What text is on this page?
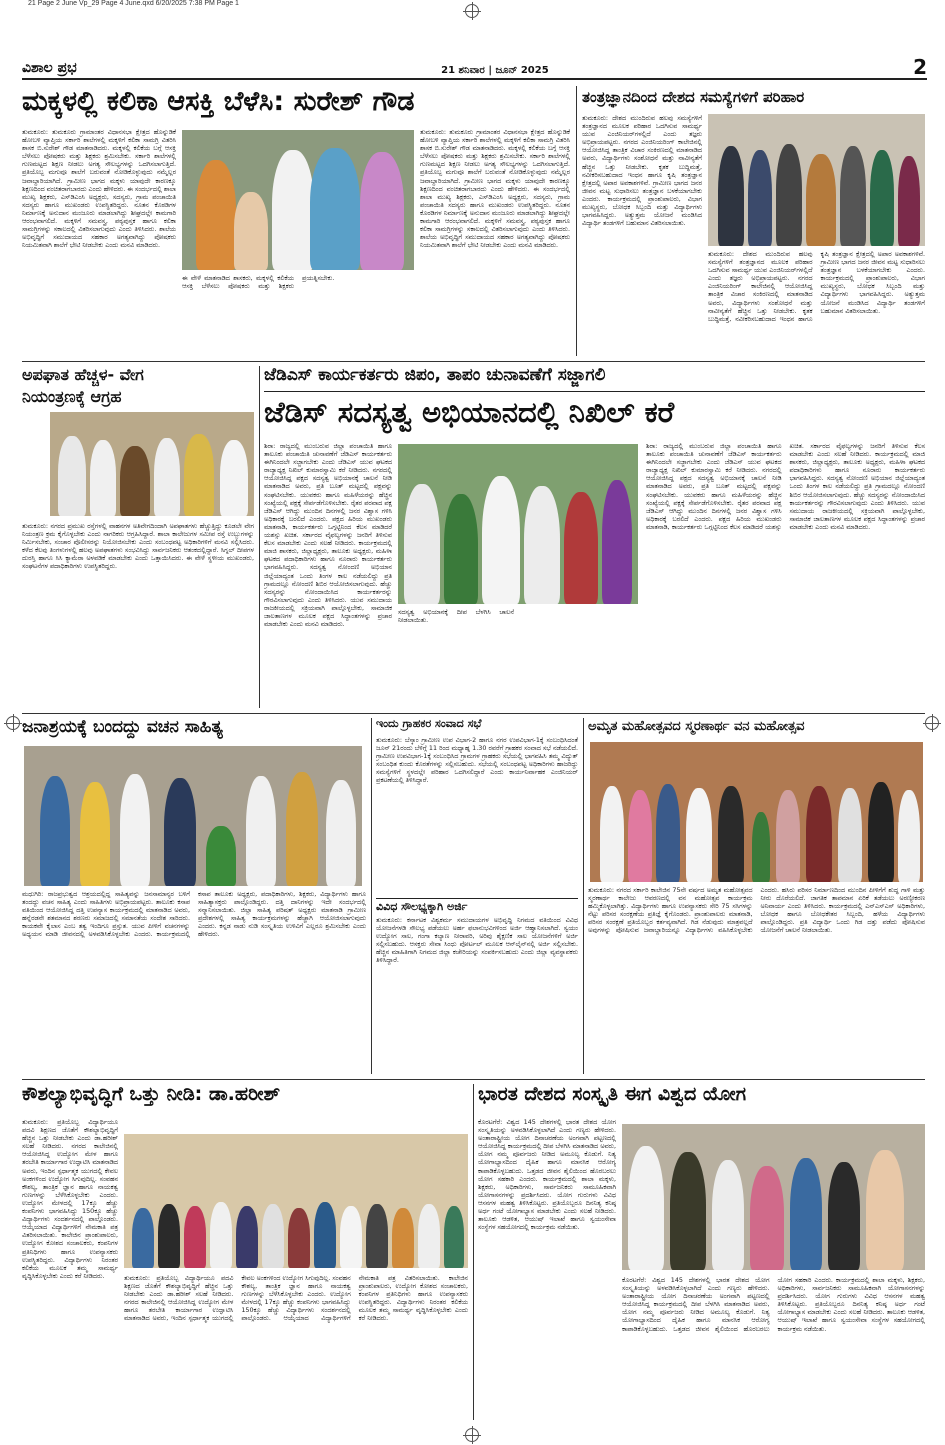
21 Page 2 June Vp_29 Page 4 June.qxd 6/20/2025 7:38 PM Page 1
ವಿಶಾಲ ಪ್ರಭ	21 ಶನಿವಾರ | ಜೂನ್ 2025	2
ಮಕ್ಕಳಲ್ಲಿ ಕಲಿಕಾ ಆಸಕ್ತಿ ಬೆಳೆಸಿ: ಸುರೇಶ್ ಗೌಡ
ತುಮಕೂರು: ತುಮಕೂರು ಗ್ರಾಮಾಂತರ ವಿಧಾನಸಭಾ ಕ್ಷೇತ್ರದ ಹೊನ್ನುಡಿಕೆ ಹೋಬಳಿ ವ್ಯಾಪ್ತಿಯ ಸರ್ಕಾರಿ ಶಾಲೆಗಳಲ್ಲಿ ಮಕ್ಕಳಿಗೆ ಕಲಿಕಾ ಸಾಮಗ್ರಿ ವಿತರಿಸಿ ಶಾಸಕ ಬಿ.ಸುರೇಶ್ ಗೌಡ ಮಾತನಾಡಿದರು. ಮಕ್ಕಳಲ್ಲಿ ಕಲಿಕೆಯ ಬಗ್ಗೆ ಆಸಕ್ತಿ ಬೆಳೆಸಲು ಪೋಷಕರು ಮತ್ತು ಶಿಕ್ಷಕರು ಶ್ರಮಿಸಬೇಕು. ಸರ್ಕಾರಿ ಶಾಲೆಗಳಲ್ಲಿ ಗುಣಮಟ್ಟದ ಶಿಕ್ಷಣ ನೀಡಲು ಅಗತ್ಯ ಸೌಲಭ್ಯಗಳನ್ನು ಒದಗಿಸಲಾಗುತ್ತಿದೆ. ಪ್ರತಿಯೊಬ್ಬ ಮಗುವೂ ಶಾಲೆಗೆ ಬರುವಂತೆ ನೋಡಿಕೊಳ್ಳುವುದು ನಮ್ಮೆಲ್ಲರ ಜವಾಬ್ದಾರಿಯಾಗಿದೆ. ಗ್ರಾಮೀಣ ಭಾಗದ ಮಕ್ಕಳು ಯಾವುದೇ ಕಾರಣಕ್ಕೂ ಶಿಕ್ಷಣದಿಂದ ವಂಚಿತರಾಗಬಾರದು ಎಂದು ಹೇಳಿದರು. ಈ ಸಂದರ್ಭದಲ್ಲಿ ಶಾಲಾ ಮುಖ್ಯ ಶಿಕ್ಷಕರು, ಎಸ್‌ಡಿಎಂಸಿ ಅಧ್ಯಕ್ಷರು, ಸದಸ್ಯರು, ಗ್ರಾಮ ಪಂಚಾಯಿತಿ ಸದಸ್ಯರು ಹಾಗೂ ಮುಖಂಡರು ಉಪಸ್ಥಿತರಿದ್ದರು. ನೂತನ ಕೊಠಡಿಗಳ ನಿರ್ಮಾಣಕ್ಕೆ ಅನುದಾನ ಮಂಜೂರು ಮಾಡಲಾಗಿದ್ದು ಶೀಘ್ರದಲ್ಲೇ ಕಾಮಗಾರಿ ಆರಂಭವಾಗಲಿದೆ. ಮಕ್ಕಳಿಗೆ ಸಮವಸ್ತ್ರ, ಪಠ್ಯಪುಸ್ತಕ ಹಾಗೂ ಕಲಿಕಾ ಸಾಮಗ್ರಿಗಳನ್ನು ಸಕಾಲದಲ್ಲಿ ವಿತರಿಸಲಾಗುವುದು ಎಂದು ತಿಳಿಸಿದರು. ಶಾಲೆಯ ಅಭಿವೃದ್ಧಿಗೆ ಸಮುದಾಯದ ಸಹಕಾರ ಅಗತ್ಯವಾಗಿದ್ದು ಪೋಷಕರು ನಿಯಮಿತವಾಗಿ ಶಾಲೆಗೆ ಭೇಟಿ ನೀಡಬೇಕು ಎಂದು ಮನವಿ ಮಾಡಿದರು.
ಈ ವೇಳೆ ಮಾತನಾಡಿದ ಶಾಸಕರು, ಮಕ್ಕಳಲ್ಲಿ ಕಲಿಕೆಯ ಆಸಕ್ತಿ ಬೆಳೆಸಲು ಪೋಷಕರು ಮತ್ತು ಶಿಕ್ಷಕರು ಪ್ರಯತ್ನಿಸಬೇಕು.
ತುಮಕೂರು: ತುಮಕೂರು ಗ್ರಾಮಾಂತರ ವಿಧಾನಸಭಾ ಕ್ಷೇತ್ರದ ಹೊನ್ನುಡಿಕೆ ಹೋಬಳಿ ವ್ಯಾಪ್ತಿಯ ಸರ್ಕಾರಿ ಶಾಲೆಗಳಲ್ಲಿ ಮಕ್ಕಳಿಗೆ ಕಲಿಕಾ ಸಾಮಗ್ರಿ ವಿತರಿಸಿ ಶಾಸಕ ಬಿ.ಸುರೇಶ್ ಗೌಡ ಮಾತನಾಡಿದರು. ಮಕ್ಕಳಲ್ಲಿ ಕಲಿಕೆಯ ಬಗ್ಗೆ ಆಸಕ್ತಿ ಬೆಳೆಸಲು ಪೋಷಕರು ಮತ್ತು ಶಿಕ್ಷಕರು ಶ್ರಮಿಸಬೇಕು. ಸರ್ಕಾರಿ ಶಾಲೆಗಳಲ್ಲಿ ಗುಣಮಟ್ಟದ ಶಿಕ್ಷಣ ನೀಡಲು ಅಗತ್ಯ ಸೌಲಭ್ಯಗಳನ್ನು ಒದಗಿಸಲಾಗುತ್ತಿದೆ. ಪ್ರತಿಯೊಬ್ಬ ಮಗುವೂ ಶಾಲೆಗೆ ಬರುವಂತೆ ನೋಡಿಕೊಳ್ಳುವುದು ನಮ್ಮೆಲ್ಲರ ಜವಾಬ್ದಾರಿಯಾಗಿದೆ. ಗ್ರಾಮೀಣ ಭಾಗದ ಮಕ್ಕಳು ಯಾವುದೇ ಕಾರಣಕ್ಕೂ ಶಿಕ್ಷಣದಿಂದ ವಂಚಿತರಾಗಬಾರದು ಎಂದು ಹೇಳಿದರು. ಈ ಸಂದರ್ಭದಲ್ಲಿ ಶಾಲಾ ಮುಖ್ಯ ಶಿಕ್ಷಕರು, ಎಸ್‌ಡಿಎಂಸಿ ಅಧ್ಯಕ್ಷರು, ಸದಸ್ಯರು, ಗ್ರಾಮ ಪಂಚಾಯಿತಿ ಸದಸ್ಯರು ಹಾಗೂ ಮುಖಂಡರು ಉಪಸ್ಥಿತರಿದ್ದರು. ನೂತನ ಕೊಠಡಿಗಳ ನಿರ್ಮಾಣಕ್ಕೆ ಅನುದಾನ ಮಂಜೂರು ಮಾಡಲಾಗಿದ್ದು ಶೀಘ್ರದಲ್ಲೇ ಕಾಮಗಾರಿ ಆರಂಭವಾಗಲಿದೆ. ಮಕ್ಕಳಿಗೆ ಸಮವಸ್ತ್ರ, ಪಠ್ಯಪುಸ್ತಕ ಹಾಗೂ ಕಲಿಕಾ ಸಾಮಗ್ರಿಗಳನ್ನು ಸಕಾಲದಲ್ಲಿ ವಿತರಿಸಲಾಗುವುದು ಎಂದು ತಿಳಿಸಿದರು. ಶಾಲೆಯ ಅಭಿವೃದ್ಧಿಗೆ ಸಮುದಾಯದ ಸಹಕಾರ ಅಗತ್ಯವಾಗಿದ್ದು ಪೋಷಕರು ನಿಯಮಿತವಾಗಿ ಶಾಲೆಗೆ ಭೇಟಿ ನೀಡಬೇಕು ಎಂದು ಮನವಿ ಮಾಡಿದರು.
ತಂತ್ರಜ್ಞಾನದಿಂದ ದೇಶದ ಸಮಸ್ಯೆಗಳಿಗೆ ಪರಿಹಾರ
ತುಮಕೂರು: ದೇಶದ ಮುಂದಿರುವ ಹಲವು ಸಮಸ್ಯೆಗಳಿಗೆ ತಂತ್ರಜ್ಞಾನದ ಮೂಲಕ ಪರಿಹಾರ ಒದಗಿಸುವ ಸಾಮರ್ಥ್ಯ ಯುವ ಎಂಜಿನಿಯರ್‌ಗಳಲ್ಲಿದೆ ಎಂದು ತಜ್ಞರು ಅಭಿಪ್ರಾಯಪಟ್ಟರು. ನಗರದ ಎಂಜಿನಿಯರಿಂಗ್ ಕಾಲೇಜಿನಲ್ಲಿ ಆಯೋಜಿಸಿದ್ದ ತಾಂತ್ರಿಕ ವಿಚಾರ ಸಂಕಿರಣದಲ್ಲಿ ಮಾತನಾಡಿದ ಅವರು, ವಿದ್ಯಾರ್ಥಿಗಳು ಸಂಶೋಧನೆ ಮತ್ತು ನಾವೀನ್ಯತೆಗೆ ಹೆಚ್ಚಿನ ಒತ್ತು ನೀಡಬೇಕು. ಕೃತಕ ಬುದ್ಧಿಮತ್ತೆ, ನವೀಕರಿಸಬಹುದಾದ ಇಂಧನ ಹಾಗೂ ಕೃಷಿ ತಂತ್ರಜ್ಞಾನ ಕ್ಷೇತ್ರದಲ್ಲಿ ಅಪಾರ ಅವಕಾಶಗಳಿವೆ. ಗ್ರಾಮೀಣ ಭಾಗದ ಜನರ ಜೀವನ ಮಟ್ಟ ಸುಧಾರಿಸಲು ತಂತ್ರಜ್ಞಾನ ಬಳಕೆಯಾಗಬೇಕು ಎಂದರು. ಕಾರ್ಯಕ್ರಮದಲ್ಲಿ ಪ್ರಾಂಶುಪಾಲರು, ವಿಭಾಗ ಮುಖ್ಯಸ್ಥರು, ಬೋಧಕ ಸಿಬ್ಬಂದಿ ಮತ್ತು ವಿದ್ಯಾರ್ಥಿಗಳು ಭಾಗವಹಿಸಿದ್ದರು. ಅತ್ಯುತ್ತಮ ಯೋಜನೆ ಮಂಡಿಸಿದ ವಿದ್ಯಾರ್ಥಿ ತಂಡಗಳಿಗೆ ಬಹುಮಾನ ವಿತರಿಸಲಾಯಿತು.
ತುಮಕೂರು: ದೇಶದ ಮುಂದಿರುವ ಹಲವು ಸಮಸ್ಯೆಗಳಿಗೆ ತಂತ್ರಜ್ಞಾನದ ಮೂಲಕ ಪರಿಹಾರ ಒದಗಿಸುವ ಸಾಮರ್ಥ್ಯ ಯುವ ಎಂಜಿನಿಯರ್‌ಗಳಲ್ಲಿದೆ ಎಂದು ತಜ್ಞರು ಅಭಿಪ್ರಾಯಪಟ್ಟರು. ನಗರದ ಎಂಜಿನಿಯರಿಂಗ್ ಕಾಲೇಜಿನಲ್ಲಿ ಆಯೋಜಿಸಿದ್ದ ತಾಂತ್ರಿಕ ವಿಚಾರ ಸಂಕಿರಣದಲ್ಲಿ ಮಾತನಾಡಿದ ಅವರು, ವಿದ್ಯಾರ್ಥಿಗಳು ಸಂಶೋಧನೆ ಮತ್ತು ನಾವೀನ್ಯತೆಗೆ ಹೆಚ್ಚಿನ ಒತ್ತು ನೀಡಬೇಕು. ಕೃತಕ ಬುದ್ಧಿಮತ್ತೆ, ನವೀಕರಿಸಬಹುದಾದ ಇಂಧನ ಹಾಗೂ ಕೃಷಿ ತಂತ್ರಜ್ಞಾನ ಕ್ಷೇತ್ರದಲ್ಲಿ ಅಪಾರ ಅವಕಾಶಗಳಿವೆ. ಗ್ರಾಮೀಣ ಭಾಗದ ಜನರ ಜೀವನ ಮಟ್ಟ ಸುಧಾರಿಸಲು ತಂತ್ರಜ್ಞಾನ ಬಳಕೆಯಾಗಬೇಕು ಎಂದರು. ಕಾರ್ಯಕ್ರಮದಲ್ಲಿ ಪ್ರಾಂಶುಪಾಲರು, ವಿಭಾಗ ಮುಖ್ಯಸ್ಥರು, ಬೋಧಕ ಸಿಬ್ಬಂದಿ ಮತ್ತು ವಿದ್ಯಾರ್ಥಿಗಳು ಭಾಗವಹಿಸಿದ್ದರು. ಅತ್ಯುತ್ತಮ ಯೋಜನೆ ಮಂಡಿಸಿದ ವಿದ್ಯಾರ್ಥಿ ತಂಡಗಳಿಗೆ ಬಹುಮಾನ ವಿತರಿಸಲಾಯಿತು.
ಅಪಘಾತ ಹೆಚ್ಚಳ- ವೇಗ
ನಿಯಂತ್ರಣಕ್ಕೆ ಆಗ್ರಹ
ತುಮಕೂರು: ನಗರದ ಪ್ರಮುಖ ರಸ್ತೆಗಳಲ್ಲಿ ವಾಹನಗಳ ಅತಿವೇಗದಿಂದಾಗಿ ಅಪಘಾತಗಳು ಹೆಚ್ಚುತ್ತಿದ್ದು ಕೂಡಲೇ ವೇಗ ನಿಯಂತ್ರಣ ಕ್ರಮ ಕೈಗೊಳ್ಳಬೇಕು ಎಂದು ನಾಗರಿಕರು ಆಗ್ರಹಿಸಿದ್ದಾರೆ. ಶಾಲಾ ಕಾಲೇಜುಗಳ ಸಮೀಪ ರಸ್ತೆ ಉಬ್ಬುಗಳನ್ನು ನಿರ್ಮಿಸಬೇಕು, ಸಂಚಾರ ಪೊಲೀಸರನ್ನು ನಿಯೋಜಿಸಬೇಕು ಎಂದು ಸಂಬಂಧಪಟ್ಟ ಅಧಿಕಾರಿಗಳಿಗೆ ಮನವಿ ಸಲ್ಲಿಸಿದರು. ಕಳೆದ ಕೆಲವು ತಿಂಗಳುಗಳಲ್ಲಿ ಹಲವು ಅಪಘಾತಗಳು ಸಂಭವಿಸಿದ್ದು ಸಾರ್ವಜನಿಕರು ಆತಂಕದಲ್ಲಿದ್ದಾರೆ. ಸಿಗ್ನಲ್ ದೀಪಗಳ ದುರಸ್ತಿ ಹಾಗೂ ಸಿಸಿ ಕ್ಯಾಮೆರಾ ಅಳವಡಿಕೆ ಮಾಡಬೇಕು ಎಂದು ಒತ್ತಾಯಿಸಿದರು. ಈ ವೇಳೆ ಸ್ಥಳೀಯ ಮುಖಂಡರು, ಸಂಘಟನೆಗಳ ಪದಾಧಿಕಾರಿಗಳು ಉಪಸ್ಥಿತರಿದ್ದರು.
ಜೆಡಿಎಸ್ ಕಾರ್ಯಕರ್ತರು ಜಿಪಂ, ತಾಪಂ ಚುನಾವಣೆಗೆ ಸಜ್ಜಾಗಲಿ
ಜೆಡಿಸ್ ಸದಸ್ಯತ್ವ ಅಭಿಯಾನದಲ್ಲಿ ನಿಖಿಲ್ ಕರೆ
ಶಿರಾ: ರಾಜ್ಯದಲ್ಲಿ ಮುಂಬರುವ ಜಿಲ್ಲಾ ಪಂಚಾಯಿತಿ ಹಾಗೂ ತಾಲೂಕು ಪಂಚಾಯಿತಿ ಚುನಾವಣೆಗೆ ಜೆಡಿಎಸ್ ಕಾರ್ಯಕರ್ತರು ಈಗಿನಿಂದಲೇ ಸಜ್ಜಾಗಬೇಕು ಎಂದು ಜೆಡಿಎಸ್ ಯುವ ಘಟಕದ ರಾಜ್ಯಾಧ್ಯಕ್ಷ ನಿಖಿಲ್ ಕುಮಾರಸ್ವಾಮಿ ಕರೆ ನೀಡಿದರು. ನಗರದಲ್ಲಿ ಆಯೋಜಿಸಿದ್ದ ಪಕ್ಷದ ಸದಸ್ಯತ್ವ ಅಭಿಯಾನಕ್ಕೆ ಚಾಲನೆ ನೀಡಿ ಮಾತನಾಡಿದ ಅವರು, ಪ್ರತಿ ಬೂತ್ ಮಟ್ಟದಲ್ಲಿ ಪಕ್ಷವನ್ನು ಸಂಘಟಿಸಬೇಕು. ಯುವಕರು ಹಾಗೂ ಮಹಿಳೆಯರನ್ನು ಹೆಚ್ಚಿನ ಸಂಖ್ಯೆಯಲ್ಲಿ ಪಕ್ಷಕ್ಕೆ ಸೇರ್ಪಡೆಗೊಳಿಸಬೇಕು. ರೈತರ ಪರವಾದ ಪಕ್ಷ ಜೆಡಿಎಸ್ ಆಗಿದ್ದು ಮುಂದಿನ ದಿನಗಳಲ್ಲಿ ಜನರ ವಿಶ್ವಾಸ ಗಳಿಸಿ ಅಧಿಕಾರಕ್ಕೆ ಬರಲಿದೆ ಎಂದರು. ಪಕ್ಷದ ಹಿರಿಯ ಮುಖಂಡರು ಮಾತನಾಡಿ, ಕಾರ್ಯಕರ್ತರು ಒಗ್ಗಟ್ಟಿನಿಂದ ಕೆಲಸ ಮಾಡಿದರೆ ಯಶಸ್ಸು ಖಚಿತ. ಸರ್ಕಾರದ ವೈಫಲ್ಯಗಳನ್ನು ಜನರಿಗೆ ತಿಳಿಸುವ ಕೆಲಸ ಮಾಡಬೇಕು ಎಂದು ಸಲಹೆ ನೀಡಿದರು. ಕಾರ್ಯಕ್ರಮದಲ್ಲಿ ಮಾಜಿ ಶಾಸಕರು, ಜಿಲ್ಲಾಧ್ಯಕ್ಷರು, ತಾಲೂಕು ಅಧ್ಯಕ್ಷರು, ಮಹಿಳಾ ಘಟಕದ ಪದಾಧಿಕಾರಿಗಳು ಹಾಗೂ ನೂರಾರು ಕಾರ್ಯಕರ್ತರು ಭಾಗವಹಿಸಿದ್ದರು. ಸದಸ್ಯತ್ವ ನೋಂದಣಿ ಅಭಿಯಾನ ಜಿಲ್ಲೆಯಾದ್ಯಂತ ಒಂದು ತಿಂಗಳ ಕಾಲ ನಡೆಯಲಿದ್ದು ಪ್ರತಿ ಗ್ರಾಮದಲ್ಲೂ ನೋಂದಣಿ ಶಿಬಿರ ಆಯೋಜಿಸಲಾಗುವುದು. ಹೆಚ್ಚು ಸದಸ್ಯರನ್ನು ನೋಂದಾಯಿಸಿದ ಕಾರ್ಯಕರ್ತರನ್ನು ಗೌರವಿಸಲಾಗುವುದು ಎಂದು ತಿಳಿಸಿದರು. ಯುವ ಸಮುದಾಯ ರಾಜಕೀಯದಲ್ಲಿ ಸಕ್ರಿಯವಾಗಿ ಪಾಲ್ಗೊಳ್ಳಬೇಕು, ಸಾಮಾಜಿಕ ಜಾಲತಾಣಗಳ ಮೂಲಕ ಪಕ್ಷದ ಸಿದ್ಧಾಂತಗಳನ್ನು ಪ್ರಚಾರ ಮಾಡಬೇಕು ಎಂದು ಮನವಿ ಮಾಡಿದರು.
ಸದಸ್ಯತ್ವ ಅಭಿಯಾನಕ್ಕೆ ದೀಪ ಬೆಳಗಿಸಿ ಚಾಲನೆ ನೀಡಲಾಯಿತು.
ಶಿರಾ: ರಾಜ್ಯದಲ್ಲಿ ಮುಂಬರುವ ಜಿಲ್ಲಾ ಪಂಚಾಯಿತಿ ಹಾಗೂ ತಾಲೂಕು ಪಂಚಾಯಿತಿ ಚುನಾವಣೆಗೆ ಜೆಡಿಎಸ್ ಕಾರ್ಯಕರ್ತರು ಈಗಿನಿಂದಲೇ ಸಜ್ಜಾಗಬೇಕು ಎಂದು ಜೆಡಿಎಸ್ ಯುವ ಘಟಕದ ರಾಜ್ಯಾಧ್ಯಕ್ಷ ನಿಖಿಲ್ ಕುಮಾರಸ್ವಾಮಿ ಕರೆ ನೀಡಿದರು. ನಗರದಲ್ಲಿ ಆಯೋಜಿಸಿದ್ದ ಪಕ್ಷದ ಸದಸ್ಯತ್ವ ಅಭಿಯಾನಕ್ಕೆ ಚಾಲನೆ ನೀಡಿ ಮಾತನಾಡಿದ ಅವರು, ಪ್ರತಿ ಬೂತ್ ಮಟ್ಟದಲ್ಲಿ ಪಕ್ಷವನ್ನು ಸಂಘಟಿಸಬೇಕು. ಯುವಕರು ಹಾಗೂ ಮಹಿಳೆಯರನ್ನು ಹೆಚ್ಚಿನ ಸಂಖ್ಯೆಯಲ್ಲಿ ಪಕ್ಷಕ್ಕೆ ಸೇರ್ಪಡೆಗೊಳಿಸಬೇಕು. ರೈತರ ಪರವಾದ ಪಕ್ಷ ಜೆಡಿಎಸ್ ಆಗಿದ್ದು ಮುಂದಿನ ದಿನಗಳಲ್ಲಿ ಜನರ ವಿಶ್ವಾಸ ಗಳಿಸಿ ಅಧಿಕಾರಕ್ಕೆ ಬರಲಿದೆ ಎಂದರು. ಪಕ್ಷದ ಹಿರಿಯ ಮುಖಂಡರು ಮಾತನಾಡಿ, ಕಾರ್ಯಕರ್ತರು ಒಗ್ಗಟ್ಟಿನಿಂದ ಕೆಲಸ ಮಾಡಿದರೆ ಯಶಸ್ಸು ಖಚಿತ. ಸರ್ಕಾರದ ವೈಫಲ್ಯಗಳನ್ನು ಜನರಿಗೆ ತಿಳಿಸುವ ಕೆಲಸ ಮಾಡಬೇಕು ಎಂದು ಸಲಹೆ ನೀಡಿದರು. ಕಾರ್ಯಕ್ರಮದಲ್ಲಿ ಮಾಜಿ ಶಾಸಕರು, ಜಿಲ್ಲಾಧ್ಯಕ್ಷರು, ತಾಲೂಕು ಅಧ್ಯಕ್ಷರು, ಮಹಿಳಾ ಘಟಕದ ಪದಾಧಿಕಾರಿಗಳು ಹಾಗೂ ನೂರಾರು ಕಾರ್ಯಕರ್ತರು ಭಾಗವಹಿಸಿದ್ದರು. ಸದಸ್ಯತ್ವ ನೋಂದಣಿ ಅಭಿಯಾನ ಜಿಲ್ಲೆಯಾದ್ಯಂತ ಒಂದು ತಿಂಗಳ ಕಾಲ ನಡೆಯಲಿದ್ದು ಪ್ರತಿ ಗ್ರಾಮದಲ್ಲೂ ನೋಂದಣಿ ಶಿಬಿರ ಆಯೋಜಿಸಲಾಗುವುದು. ಹೆಚ್ಚು ಸದಸ್ಯರನ್ನು ನೋಂದಾಯಿಸಿದ ಕಾರ್ಯಕರ್ತರನ್ನು ಗೌರವಿಸಲಾಗುವುದು ಎಂದು ತಿಳಿಸಿದರು. ಯುವ ಸಮುದಾಯ ರಾಜಕೀಯದಲ್ಲಿ ಸಕ್ರಿಯವಾಗಿ ಪಾಲ್ಗೊಳ್ಳಬೇಕು, ಸಾಮಾಜಿಕ ಜಾಲತಾಣಗಳ ಮೂಲಕ ಪಕ್ಷದ ಸಿದ್ಧಾಂತಗಳನ್ನು ಪ್ರಚಾರ ಮಾಡಬೇಕು ಎಂದು ಮನವಿ ಮಾಡಿದರು.
ಜನಾಶ್ರಯಕ್ಕೆ ಬಂದದ್ದು ವಚನ ಸಾಹಿತ್ಯ
ಮಧುಗಿರಿ: ರಾಜಪ್ರಭುತ್ವದ ಆಶ್ರಯದಲ್ಲಿದ್ದ ಸಾಹಿತ್ಯವನ್ನು ಜನಸಾಮಾನ್ಯರ ಬಳಿಗೆ ತಂದದ್ದು ವಚನ ಸಾಹಿತ್ಯ ಎಂದು ಸಾಹಿತಿಗಳು ಅಭಿಪ್ರಾಯಪಟ್ಟರು. ತಾಲೂಕು ಕಸಾಪ ವತಿಯಿಂದ ಆಯೋಜಿಸಿದ್ದ ದತ್ತಿ ಉಪನ್ಯಾಸ ಕಾರ್ಯಕ್ರಮದಲ್ಲಿ ಮಾತನಾಡಿದ ಅವರು, ಹನ್ನೆರಡನೇ ಶತಮಾನದ ಶರಣರು ಸಮಾಜದಲ್ಲಿ ಸಮಾನತೆಯ ಸಂದೇಶ ಸಾರಿದರು. ಕಾಯಕವೇ ಕೈಲಾಸ ಎಂಬ ತತ್ವ ಇಂದಿಗೂ ಪ್ರಸ್ತುತ. ಯುವ ಪೀಳಿಗೆ ವಚನಗಳನ್ನು ಅಧ್ಯಯನ ಮಾಡಿ ಜೀವನದಲ್ಲಿ ಅಳವಡಿಸಿಕೊಳ್ಳಬೇಕು ಎಂದರು. ಕಾರ್ಯಕ್ರಮದಲ್ಲಿ ಕಸಾಪ ತಾಲೂಕು ಅಧ್ಯಕ್ಷರು, ಪದಾಧಿಕಾರಿಗಳು, ಶಿಕ್ಷಕರು, ವಿದ್ಯಾರ್ಥಿಗಳು ಹಾಗೂ ಸಾಹಿತ್ಯಾಸಕ್ತರು ಪಾಲ್ಗೊಂಡಿದ್ದರು. ದತ್ತಿ ದಾನಿಗಳನ್ನು ಇದೇ ಸಂದರ್ಭದಲ್ಲಿ ಸನ್ಮಾನಿಸಲಾಯಿತು. ಜಿಲ್ಲಾ ಸಾಹಿತ್ಯ ಪರಿಷತ್ ಅಧ್ಯಕ್ಷರು ಮಾತನಾಡಿ ಗ್ರಾಮೀಣ ಪ್ರದೇಶಗಳಲ್ಲಿ ಸಾಹಿತ್ಯ ಕಾರ್ಯಕ್ರಮಗಳನ್ನು ಹೆಚ್ಚಾಗಿ ಆಯೋಜಿಸಲಾಗುವುದು ಎಂದರು. ಕನ್ನಡ ನಾಡು ನುಡಿ ಸಂಸ್ಕೃತಿಯ ಉಳಿವಿಗೆ ಎಲ್ಲರೂ ಶ್ರಮಿಸಬೇಕು ಎಂದು ಹೇಳಿದರು.
ಇಂದು ಗ್ರಾಹಕರ ಸಂವಾದ ಸಭೆ
ತುಮಕೂರು: ಬೆಸ್ಕಾಂ ಗ್ರಾಮೀಣ ಉಪ ವಿಭಾಗ-2 ಹಾಗೂ ನಗರ ಉಪವಿಭಾಗ-1ಕ್ಕೆ ಸಂಬಂಧಿಸಿದಂತೆ ಜೂನ್ 21ರಂದು ಬೆಳಿಗ್ಗೆ 11 ರಿಂದ ಮಧ್ಯಾಹ್ನ 1.30 ರವರೆಗೆ ಗ್ರಾಹಕರ ಸಂವಾದ ಸಭೆ ನಡೆಯಲಿದೆ. ಗ್ರಾಮೀಣ ಉಪವಿಭಾಗ-1ಕ್ಕೆ ಸಂಬಂಧಿಸಿದ ಗ್ರಾಮಗಳ ಗ್ರಾಹಕರು ಸಭೆಯಲ್ಲಿ ಭಾಗವಹಿಸಿ ತಮ್ಮ ವಿದ್ಯುತ್ ಸಂಬಂಧಿತ ಕುಂದು ಕೊರತೆಗಳನ್ನು ಸಲ್ಲಿಸಬಹುದು. ಸಭೆಯಲ್ಲಿ ಸಂಬಂಧಪಟ್ಟ ಅಧಿಕಾರಿಗಳು ಹಾಜರಿದ್ದು ಸಮಸ್ಯೆಗಳಿಗೆ ಸ್ಥಳದಲ್ಲೇ ಪರಿಹಾರ ಒದಗಿಸಲಿದ್ದಾರೆ ಎಂದು ಕಾರ್ಯನಿರ್ವಾಹಕ ಎಂಜಿನಿಯರ್ ಪ್ರಕಟಣೆಯಲ್ಲಿ ತಿಳಿಸಿದ್ದಾರೆ.
ವಿವಿಧ ಸೌಲಭ್ಯಕ್ಕಾಗಿ ಅರ್ಜಿ
ತುಮಕೂರು: ಕರ್ನಾಟಕ ವಿಶ್ವಕರ್ಮ ಸಮುದಾಯಗಳ ಅಭಿವೃದ್ಧಿ ನಿಗಮದ ವತಿಯಿಂದ ವಿವಿಧ ಯೋಜನೆಗಳಡಿ ಸೌಲಭ್ಯ ಪಡೆಯಲು ಅರ್ಹ ಫಲಾನುಭವಿಗಳಿಂದ ಅರ್ಜಿ ಆಹ್ವಾನಿಸಲಾಗಿದೆ. ಸ್ವಯಂ ಉದ್ಯೋಗ ಸಾಲ, ಗಂಗಾ ಕಲ್ಯಾಣ ನೀರಾವರಿ, ಅರಿವು ಶೈಕ್ಷಣಿಕ ಸಾಲ ಯೋಜನೆಗಳಿಗೆ ಅರ್ಜಿ ಸಲ್ಲಿಸಬಹುದು. ಆಸಕ್ತರು ಸೇವಾ ಸಿಂಧು ಪೋರ್ಟಲ್ ಮೂಲಕ ಆನ್‌ಲೈನ್‌ನಲ್ಲಿ ಅರ್ಜಿ ಸಲ್ಲಿಸಬೇಕು. ಹೆಚ್ಚಿನ ಮಾಹಿತಿಗಾಗಿ ನಿಗಮದ ಜಿಲ್ಲಾ ಕಚೇರಿಯನ್ನು ಸಂಪರ್ಕಿಸಬಹುದು ಎಂದು ಜಿಲ್ಲಾ ವ್ಯವಸ್ಥಾಪಕರು ತಿಳಿಸಿದ್ದಾರೆ.
ಅಮೃತ ಮಹೋತ್ಸವದ ಸ್ಮರಣಾರ್ಥ ವನ ಮಹೋತ್ಸವ
ತುಮಕೂರು: ನಗರದ ಸರ್ಕಾರಿ ಕಾಲೇಜಿನ 75ನೇ ವರ್ಷದ ಅಮೃತ ಮಹೋತ್ಸವದ ಸ್ಮರಣಾರ್ಥ ಕಾಲೇಜು ಆವರಣದಲ್ಲಿ ವನ ಮಹೋತ್ಸವ ಕಾರ್ಯಕ್ರಮ ಹಮ್ಮಿಕೊಳ್ಳಲಾಗಿತ್ತು. ವಿದ್ಯಾರ್ಥಿಗಳು ಹಾಗೂ ಉಪನ್ಯಾಸಕರು ಸೇರಿ 75 ಸಸಿಗಳನ್ನು ನೆಟ್ಟು ಪರಿಸರ ಸಂರಕ್ಷಣೆಯ ಪ್ರತಿಜ್ಞೆ ಕೈಗೊಂಡರು. ಪ್ರಾಂಶುಪಾಲರು ಮಾತನಾಡಿ, ಪರಿಸರ ಸಂರಕ್ಷಣೆ ಪ್ರತಿಯೊಬ್ಬರ ಕರ್ತವ್ಯವಾಗಿದೆ. ಗಿಡ ನೆಡುವುದು ಮಾತ್ರವಲ್ಲದೆ ಅವುಗಳನ್ನು ಪೋಷಿಸುವ ಜವಾಬ್ದಾರಿಯನ್ನೂ ವಿದ್ಯಾರ್ಥಿಗಳು ವಹಿಸಿಕೊಳ್ಳಬೇಕು ಎಂದರು. ಹಸಿರು ಪರಿಸರ ನಿರ್ಮಾಣದಿಂದ ಮುಂದಿನ ಪೀಳಿಗೆಗೆ ಶುದ್ಧ ಗಾಳಿ ಮತ್ತು ನೀರು ದೊರೆಯಲಿದೆ. ಜಾಗತಿಕ ತಾಪಮಾನ ಏರಿಕೆ ತಡೆಯಲು ಅರಣ್ಯೀಕರಣ ಅನಿವಾರ್ಯ ಎಂದು ತಿಳಿಸಿದರು. ಕಾರ್ಯಕ್ರಮದಲ್ಲಿ ಎನ್‌ಎಸ್‌ಎಸ್ ಅಧಿಕಾರಿಗಳು, ಬೋಧಕ ಹಾಗೂ ಬೋಧಕೇತರ ಸಿಬ್ಬಂದಿ, ಹಳೆಯ ವಿದ್ಯಾರ್ಥಿಗಳು ಪಾಲ್ಗೊಂಡಿದ್ದರು. ಪ್ರತಿ ವಿದ್ಯಾರ್ಥಿ ಒಂದು ಗಿಡ ದತ್ತು ಪಡೆದು ಪೋಷಿಸುವ ಯೋಜನೆಗೆ ಚಾಲನೆ ನೀಡಲಾಯಿತು.
ಕೌಶಲ್ಯಾಭಿವೃದ್ಧಿಗೆ ಒತ್ತು ನೀಡಿ: ಡಾ.ಹರೀಶ್
ತುಮಕೂರು: ಪ್ರತಿಯೊಬ್ಬ ವಿದ್ಯಾರ್ಥಿಯೂ ಪದವಿ ಶಿಕ್ಷಣದ ಜೊತೆಗೆ ಕೌಶಲ್ಯಾಭಿವೃದ್ಧಿಗೆ ಹೆಚ್ಚಿನ ಒತ್ತು ನೀಡಬೇಕು ಎಂದು ಡಾ.ಹರೀಶ್ ಸಲಹೆ ನೀಡಿದರು. ನಗರದ ಕಾಲೇಜಿನಲ್ಲಿ ಆಯೋಜಿಸಿದ್ದ ಉದ್ಯೋಗ ಮೇಳ ಹಾಗೂ ತರಬೇತಿ ಕಾರ್ಯಾಗಾರ ಉದ್ಘಾಟಿಸಿ ಮಾತನಾಡಿದ ಅವರು, ಇಂದಿನ ಸ್ಪರ್ಧಾತ್ಮಕ ಯುಗದಲ್ಲಿ ಕೇವಲ ಅಂಕಗಳಿಂದ ಉದ್ಯೋಗ ಸಿಗುವುದಿಲ್ಲ. ಸಂವಹನ ಕೌಶಲ್ಯ, ತಾಂತ್ರಿಕ ಜ್ಞಾನ ಹಾಗೂ ನಾಯಕತ್ವ ಗುಣಗಳನ್ನು ಬೆಳೆಸಿಕೊಳ್ಳಬೇಕು ಎಂದರು. ಉದ್ಯೋಗ ಮೇಳದಲ್ಲಿ 17ಕ್ಕೂ ಹೆಚ್ಚು ಕಂಪನಿಗಳು ಭಾಗವಹಿಸಿದ್ದು 150ಕ್ಕೂ ಹೆಚ್ಚು ವಿದ್ಯಾರ್ಥಿಗಳು ಸಂದರ್ಶನದಲ್ಲಿ ಪಾಲ್ಗೊಂಡರು. ಆಯ್ಕೆಯಾದ ವಿದ್ಯಾರ್ಥಿಗಳಿಗೆ ನೇಮಕಾತಿ ಪತ್ರ ವಿತರಿಸಲಾಯಿತು. ಕಾಲೇಜಿನ ಪ್ರಾಂಶುಪಾಲರು, ಉದ್ಯೋಗ ಕೋಶದ ಸಂಚಾಲಕರು, ಕಂಪನಿಗಳ ಪ್ರತಿನಿಧಿಗಳು ಹಾಗೂ ಉಪನ್ಯಾಸಕರು ಉಪಸ್ಥಿತರಿದ್ದರು. ವಿದ್ಯಾರ್ಥಿಗಳು ನಿರಂತರ ಕಲಿಕೆಯ ಮೂಲಕ ತಮ್ಮ ಸಾಮರ್ಥ್ಯ ವೃದ್ಧಿಸಿಕೊಳ್ಳಬೇಕು ಎಂದು ಕರೆ ನೀಡಿದರು.	ತುಮಕೂರು: ಪ್ರತಿಯೊಬ್ಬ ವಿದ್ಯಾರ್ಥಿಯೂ ಪದವಿ ಶಿಕ್ಷಣದ ಜೊತೆಗೆ ಕೌಶಲ್ಯಾಭಿವೃದ್ಧಿಗೆ ಹೆಚ್ಚಿನ ಒತ್ತು ನೀಡಬೇಕು ಎಂದು ಡಾ.ಹರೀಶ್ ಸಲಹೆ ನೀಡಿದರು. ನಗರದ ಕಾಲೇಜಿನಲ್ಲಿ ಆಯೋಜಿಸಿದ್ದ ಉದ್ಯೋಗ ಮೇಳ ಹಾಗೂ ತರಬೇತಿ ಕಾರ್ಯಾಗಾರ ಉದ್ಘಾಟಿಸಿ ಮಾತನಾಡಿದ ಅವರು, ಇಂದಿನ ಸ್ಪರ್ಧಾತ್ಮಕ ಯುಗದಲ್ಲಿ ಕೇವಲ ಅಂಕಗಳಿಂದ ಉದ್ಯೋಗ ಸಿಗುವುದಿಲ್ಲ. ಸಂವಹನ ಕೌಶಲ್ಯ, ತಾಂತ್ರಿಕ ಜ್ಞಾನ ಹಾಗೂ ನಾಯಕತ್ವ ಗುಣಗಳನ್ನು ಬೆಳೆಸಿಕೊಳ್ಳಬೇಕು ಎಂದರು. ಉದ್ಯೋಗ ಮೇಳದಲ್ಲಿ 17ಕ್ಕೂ ಹೆಚ್ಚು ಕಂಪನಿಗಳು ಭಾಗವಹಿಸಿದ್ದು 150ಕ್ಕೂ ಹೆಚ್ಚು ವಿದ್ಯಾರ್ಥಿಗಳು ಸಂದರ್ಶನದಲ್ಲಿ ಪಾಲ್ಗೊಂಡರು. ಆಯ್ಕೆಯಾದ ವಿದ್ಯಾರ್ಥಿಗಳಿಗೆ ನೇಮಕಾತಿ ಪತ್ರ ವಿತರಿಸಲಾಯಿತು. ಕಾಲೇಜಿನ ಪ್ರಾಂಶುಪಾಲರು, ಉದ್ಯೋಗ ಕೋಶದ ಸಂಚಾಲಕರು, ಕಂಪನಿಗಳ ಪ್ರತಿನಿಧಿಗಳು ಹಾಗೂ ಉಪನ್ಯಾಸಕರು ಉಪಸ್ಥಿತರಿದ್ದರು. ವಿದ್ಯಾರ್ಥಿಗಳು ನಿರಂತರ ಕಲಿಕೆಯ ಮೂಲಕ ತಮ್ಮ ಸಾಮರ್ಥ್ಯ ವೃದ್ಧಿಸಿಕೊಳ್ಳಬೇಕು ಎಂದು ಕರೆ ನೀಡಿದರು.
ಭಾರತ ದೇಶದ ಸಂಸ್ಕೃತಿ ಈಗ ವಿಶ್ವದ ಯೋಗ
ಕೊರಟಗೆರೆ: ವಿಶ್ವದ 145 ದೇಶಗಳಲ್ಲಿ ಭಾರತ ದೇಶದ ಯೋಗ ಸಂಸ್ಕೃತಿಯನ್ನು ಅಳವಡಿಸಿಕೊಳ್ಳಲಾಗಿದೆ ಎಂದು ಗಣ್ಯರು ಹೇಳಿದರು. ಅಂತಾರಾಷ್ಟ್ರೀಯ ಯೋಗ ದಿನಾಚರಣೆಯ ಅಂಗವಾಗಿ ಪಟ್ಟಣದಲ್ಲಿ ಆಯೋಜಿಸಿದ್ದ ಕಾರ್ಯಕ್ರಮದಲ್ಲಿ ದೀಪ ಬೆಳಗಿಸಿ ಮಾತನಾಡಿದ ಅವರು, ಯೋಗ ನಮ್ಮ ಪೂರ್ವಜರು ನೀಡಿದ ಅಮೂಲ್ಯ ಕೊಡುಗೆ. ನಿತ್ಯ ಯೋಗಾಭ್ಯಾಸದಿಂದ ದೈಹಿಕ ಹಾಗೂ ಮಾನಸಿಕ ಆರೋಗ್ಯ ಕಾಪಾಡಿಕೊಳ್ಳಬಹುದು. ಒತ್ತಡದ ಜೀವನ ಶೈಲಿಯಿಂದ ಹೊರಬರಲು ಯೋಗ ಸಹಕಾರಿ ಎಂದರು. ಕಾರ್ಯಕ್ರಮದಲ್ಲಿ ಶಾಲಾ ಮಕ್ಕಳು, ಶಿಕ್ಷಕರು, ಅಧಿಕಾರಿಗಳು, ಸಾರ್ವಜನಿಕರು ಸಾಮೂಹಿಕವಾಗಿ ಯೋಗಾಸನಗಳನ್ನು ಪ್ರದರ್ಶಿಸಿದರು. ಯೋಗ ಗುರುಗಳು ವಿವಿಧ ಆಸನಗಳ ಮಹತ್ವ ತಿಳಿಸಿಕೊಟ್ಟರು. ಪ್ರತಿಯೊಬ್ಬರೂ ದಿನನಿತ್ಯ ಕನಿಷ್ಠ ಅರ್ಧ ಗಂಟೆ ಯೋಗಾಭ್ಯಾಸ ಮಾಡಬೇಕು ಎಂದು ಸಲಹೆ ನೀಡಿದರು. ತಾಲೂಕು ಆಡಳಿತ, ಆಯುಷ್ ಇಲಾಖೆ ಹಾಗೂ ಸ್ವಯಂಸೇವಾ ಸಂಸ್ಥೆಗಳ ಸಹಯೋಗದಲ್ಲಿ ಕಾರ್ಯಕ್ರಮ ನಡೆಯಿತು.
ಕೊರಟಗೆರೆ: ವಿಶ್ವದ 145 ದೇಶಗಳಲ್ಲಿ ಭಾರತ ದೇಶದ ಯೋಗ ಸಂಸ್ಕೃತಿಯನ್ನು ಅಳವಡಿಸಿಕೊಳ್ಳಲಾಗಿದೆ ಎಂದು ಗಣ್ಯರು ಹೇಳಿದರು. ಅಂತಾರಾಷ್ಟ್ರೀಯ ಯೋಗ ದಿನಾಚರಣೆಯ ಅಂಗವಾಗಿ ಪಟ್ಟಣದಲ್ಲಿ ಆಯೋಜಿಸಿದ್ದ ಕಾರ್ಯಕ್ರಮದಲ್ಲಿ ದೀಪ ಬೆಳಗಿಸಿ ಮಾತನಾಡಿದ ಅವರು, ಯೋಗ ನಮ್ಮ ಪೂರ್ವಜರು ನೀಡಿದ ಅಮೂಲ್ಯ ಕೊಡುಗೆ. ನಿತ್ಯ ಯೋಗಾಭ್ಯಾಸದಿಂದ ದೈಹಿಕ ಹಾಗೂ ಮಾನಸಿಕ ಆರೋಗ್ಯ ಕಾಪಾಡಿಕೊಳ್ಳಬಹುದು. ಒತ್ತಡದ ಜೀವನ ಶೈಲಿಯಿಂದ ಹೊರಬರಲು ಯೋಗ ಸಹಕಾರಿ ಎಂದರು. ಕಾರ್ಯಕ್ರಮದಲ್ಲಿ ಶಾಲಾ ಮಕ್ಕಳು, ಶಿಕ್ಷಕರು, ಅಧಿಕಾರಿಗಳು, ಸಾರ್ವಜನಿಕರು ಸಾಮೂಹಿಕವಾಗಿ ಯೋಗಾಸನಗಳನ್ನು ಪ್ರದರ್ಶಿಸಿದರು. ಯೋಗ ಗುರುಗಳು ವಿವಿಧ ಆಸನಗಳ ಮಹತ್ವ ತಿಳಿಸಿಕೊಟ್ಟರು. ಪ್ರತಿಯೊಬ್ಬರೂ ದಿನನಿತ್ಯ ಕನಿಷ್ಠ ಅರ್ಧ ಗಂಟೆ ಯೋಗಾಭ್ಯಾಸ ಮಾಡಬೇಕು ಎಂದು ಸಲಹೆ ನೀಡಿದರು. ತಾಲೂಕು ಆಡಳಿತ, ಆಯುಷ್ ಇಲಾಖೆ ಹಾಗೂ ಸ್ವಯಂಸೇವಾ ಸಂಸ್ಥೆಗಳ ಸಹಯೋಗದಲ್ಲಿ ಕಾರ್ಯಕ್ರಮ ನಡೆಯಿತು.
